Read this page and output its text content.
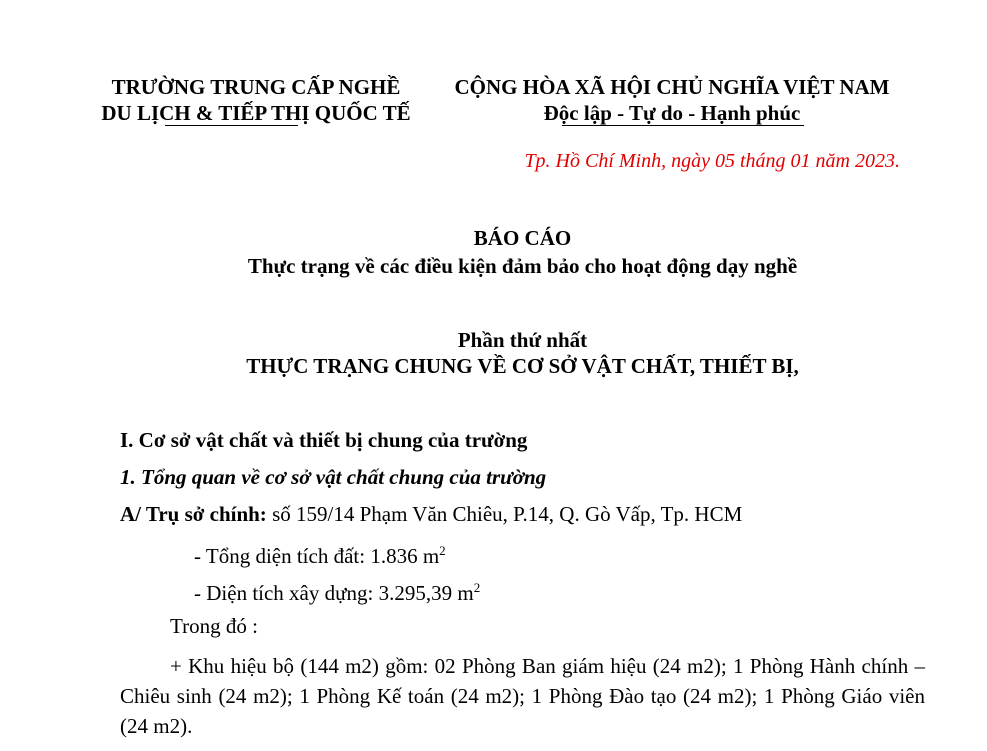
TRƯỜNG TRUNG CẤP NGHỀ
DU LỊCH & TIẾP THỊ QUỐC TẾ
CỘNG HÒA XÃ HỘI CHỦ NGHĨA VIỆT NAM
Độc lập - Tự do - Hạnh phúc
Tp. Hồ Chí Minh, ngày 05 tháng 01 năm 2023.
BÁO CÁO
Thực trạng về các điều kiện đảm bảo cho hoạt động dạy nghề
Phần thứ nhất
THỰC TRẠNG CHUNG VỀ CƠ SỞ VẬT CHẤT, THIẾT BỊ,
I. Cơ sở vật chất và thiết bị chung của trường
1. Tổng quan về cơ sở vật chất chung của trường
A/ Trụ sở chính: số 159/14 Phạm Văn Chiêu, P.14, Q. Gò Vấp, Tp. HCM
- Tổng diện tích đất: 1.836 $m^2$
- Diện tích xây dựng: 3.295,39 $m^2$
Trong đó :
+ Khu hiệu bộ (144 m2) gồm: 02 Phòng Ban giám hiệu (24 m2); 1 Phòng Hành chính – Chiêu sinh (24 m2); 1 Phòng Kế toán (24 m2); 1 Phòng Đào tạo (24 m2); 1 Phòng Giáo viên (24 m2).
